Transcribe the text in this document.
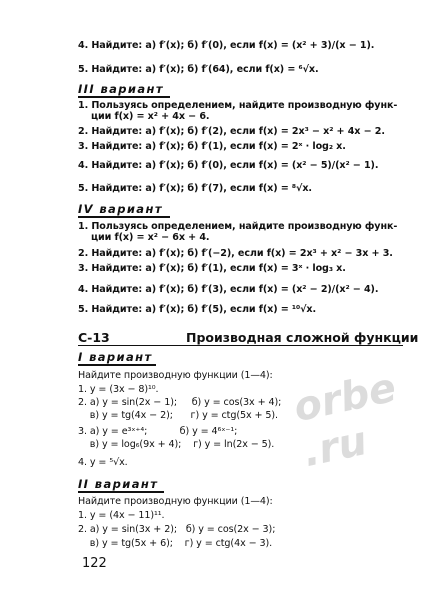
orbe .ru
4. Найдите: а) f′(x); б) f′(0), если f(x) = (x² + 3)/(x − 1).
5. Найдите: а) f′(x); б) f′(64), если f(x) = ⁶√x.
III вариант
1. Пользуясь определением, найдите производную функ-
ции f(x) = x² + 4x − 6.
2. Найдите: а) f′(x); б) f′(2), если f(x) = 2x³ − x² + 4x − 2.
3. Найдите: а) f′(x); б) f′(1), если f(x) = 2ˣ · log₂ x.
4. Найдите: а) f′(x); б) f′(0), если f(x) = (x² − 5)/(x² − 1).
5. Найдите: а) f′(x); б) f′(7), если f(x) = ⁸√x.
IV вариант
1. Пользуясь определением, найдите производную функ-
ции f(x) = x² − 6x + 4.
2. Найдите: а) f′(x); б) f′(−2), если f(x) = 2x³ + x² − 3x + 3.
3. Найдите: а) f′(x); б) f′(1), если f(x) = 3ˣ · log₃ x.
4. Найдите: а) f′(x); б) f′(3), если f(x) = (x² − 2)/(x² − 4).
5. Найдите: а) f′(x); б) f′(5), если f(x) = ¹⁰√x.
С-13	Производная сложной функции
I вариант
Найдите производную функции (1—4):
1. y = (3x − 8)¹⁰.
2. а) y = sin(2x − 1);     б) y = cos(3x + 4);
в) y = tg(4x − 2);      г) y = ctg(5x + 5).
3. а) y = e³ˣ⁺⁴;           б) y = 4⁶ˣ⁻¹;
в) y = log₆(9x + 4);    г) y = ln(2x − 5).
4. y = ⁵√x.
II вариант
Найдите производную функции (1—4):
1. y = (4x − 11)¹¹.
2. а) y = sin(3x + 2);   б) y = cos(2x − 3);
в) y = tg(5x + 6);    г) y = ctg(4x − 3).
122
